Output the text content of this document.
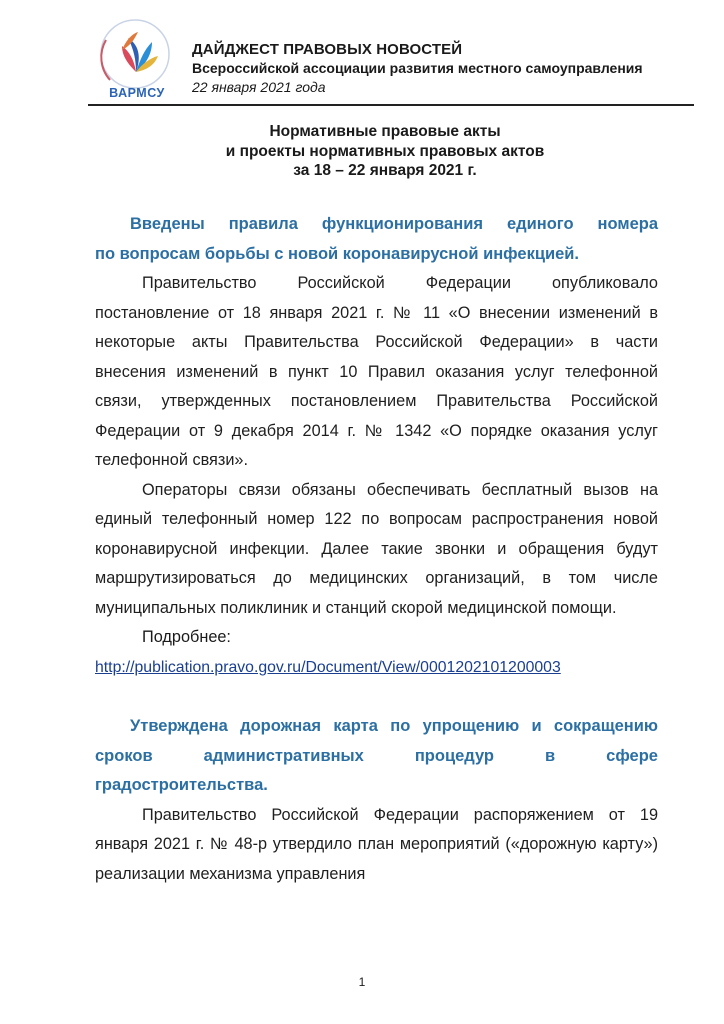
ВАРМСУ
ДАЙДЖЕСТ ПРАВОВЫХ НОВОСТЕЙ
Всероссийской ассоциации развития местного самоуправления
22 января 2021 года
Нормативные правовые акты
и проекты нормативных правовых актов
за 18 – 22 января 2021 г.

Введены правила функционирования единого номера
по вопросам борьбы с новой коронавирусной инфекцией.

Правительство Российской Федерации опубликовало постановление от 18 января 2021 г. № 11 «О внесении изменений в некоторые акты Правительства Российской Федерации» в части внесения изменений в пункт 10 Правил оказания услуг телефонной связи, утвержденных постановлением Правительства Российской Федерации от 9 декабря 2014 г. № 1342 «О порядке оказания услуг телефонной связи».

Операторы связи обязаны обеспечивать бесплатный вызов на единый телефонный номер 122 по вопросам распространения новой коронавирусной инфекции. Далее такие звонки и обращения будут маршрутизироваться до медицинских организаций, в том числе муниципальных поликлиник и станций скорой медицинской помощи.

Подробнее:

http://publication.pravo.gov.ru/Document/View/0001202101200003

Утверждена дорожная карта по упрощению и сокращению сроков административных процедур в сфере
градостроительства.

Правительство Российской Федерации распоряжением от 19 января 2021 г. № 48-р утвердило план мероприятий («дорожную карту») реализации механизма управления

1
